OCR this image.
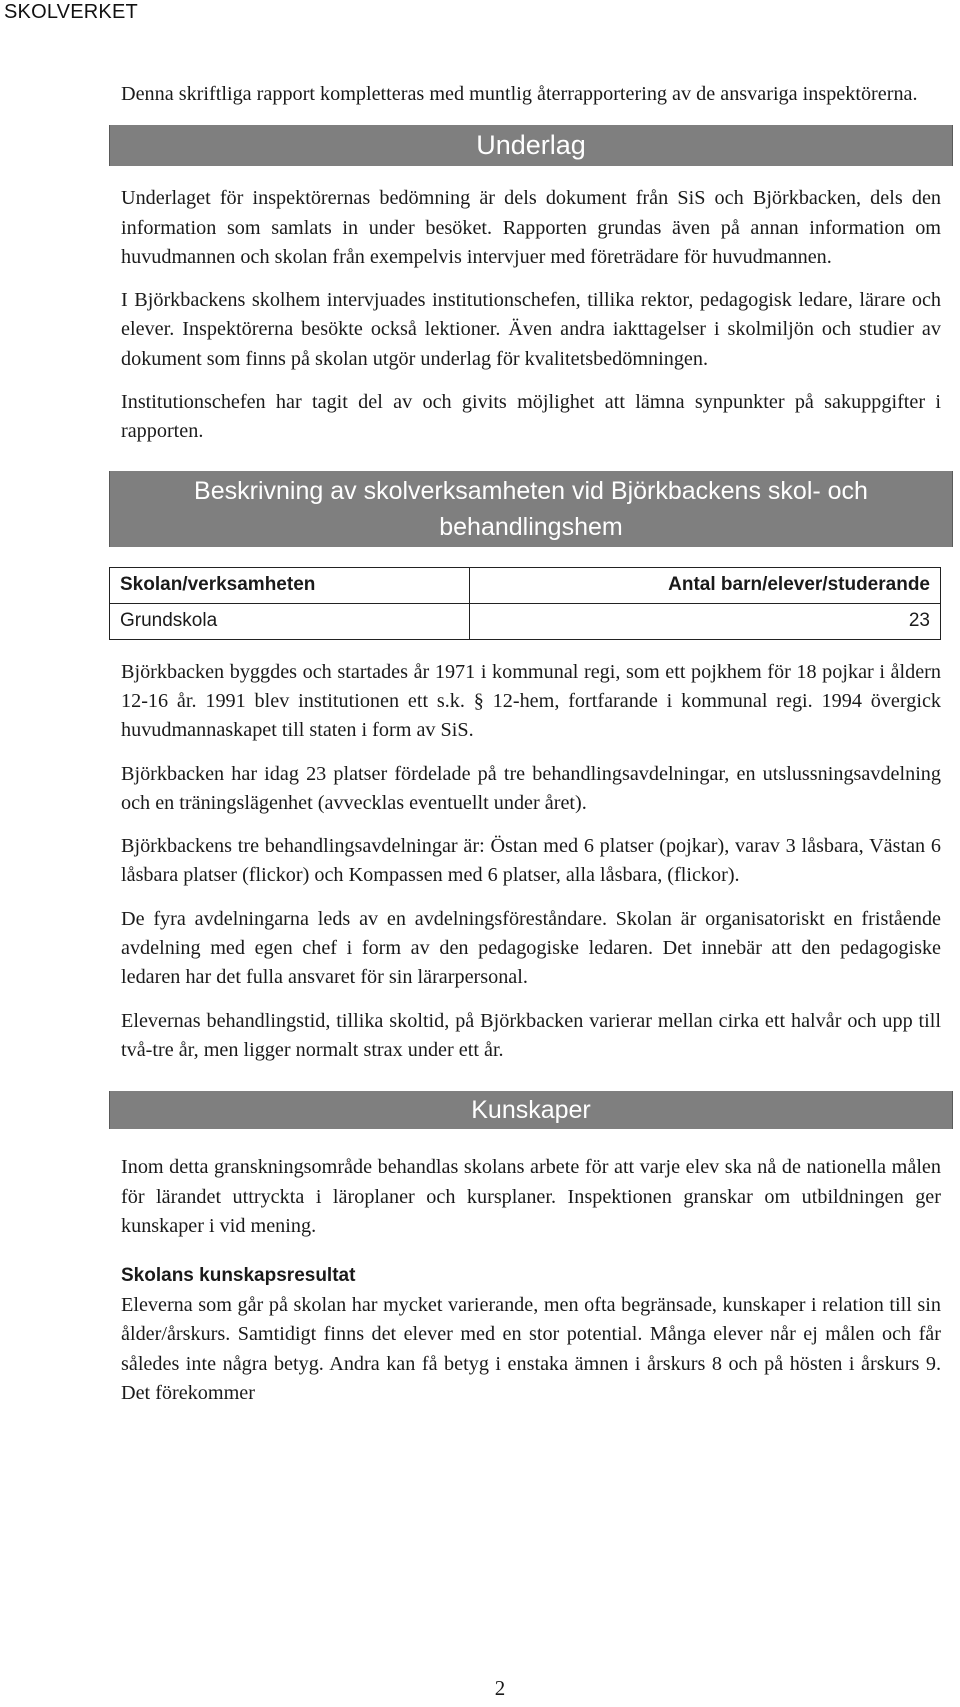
SKOLVERKET

Denna skriftliga rapport kompletteras med muntlig återrapportering av de ansvariga inspektörerna.

Underlag

Underlaget för inspektörernas bedömning är dels dokument från SiS och Björkbacken, dels den information som samlats in under besöket. Rapporten grundas även på annan information om huvudmannen och skolan från exempelvis intervjuer med företrädare för huvudmannen.

I Björkbackens skolhem intervjuades institutionschefen, tillika rektor, pedagogisk ledare, lärare och elever. Inspektörerna besökte också lektioner. Även andra iakttagelser i skolmiljön och studier av dokument som finns på skolan utgör underlag för kvalitetsbedömningen.

Institutionschefen har tagit del av och givits möjlighet att lämna synpunkter på sakuppgifter i rapporten.

Beskrivning av skolverksamheten vid Björkbackens skol- och behandlingshem
Skolan/verksamheten	Antal barn/elever/studerande
Grundskola	23

Björkbacken byggdes och startades år 1971 i kommunal regi, som ett pojkhem för 18 pojkar i åldern 12-16 år. 1991 blev institutionen ett s.k. § 12-hem, fortfarande i kommunal regi. 1994 övergick huvudmannaskapet till staten i form av SiS.

Björkbacken har idag 23 platser fördelade på tre behandlingsavdelningar, en utslussningsavdelning och en träningslägenhet (avvecklas eventuellt under året).

Björkbackens tre behandlingsavdelningar är: Östan med 6 platser (pojkar), varav 3 låsbara, Västan 6 låsbara platser (flickor) och Kompassen med 6 platser, alla låsbara, (flickor).

De fyra avdelningarna leds av en avdelningsföreståndare. Skolan är organisatoriskt en fristående avdelning med egen chef i form av den pedagogiske ledaren. Det innebär att den pedagogiske ledaren har det fulla ansvaret för sin lärarpersonal.

Elevernas behandlingstid, tillika skoltid, på Björkbacken varierar mellan cirka ett halvår och upp till två-tre år, men ligger normalt strax under ett år.

Kunskaper

Inom detta granskningsområde behandlas skolans arbete för att varje elev ska nå de nationella målen för lärandet uttryckta i läroplaner och kursplaner. Inspektionen granskar om utbildningen ger kunskaper i vid mening.

Skolans kunskapsresultat

Eleverna som går på skolan har mycket varierande, men ofta begränsade, kunskaper i relation till sin ålder/årskurs. Samtidigt finns det elever med en stor potential. Många elever når ej målen och får således inte några betyg. Andra kan få betyg i enstaka ämnen i årskurs 8 och på hösten i årskurs 9. Det förekommer

2
